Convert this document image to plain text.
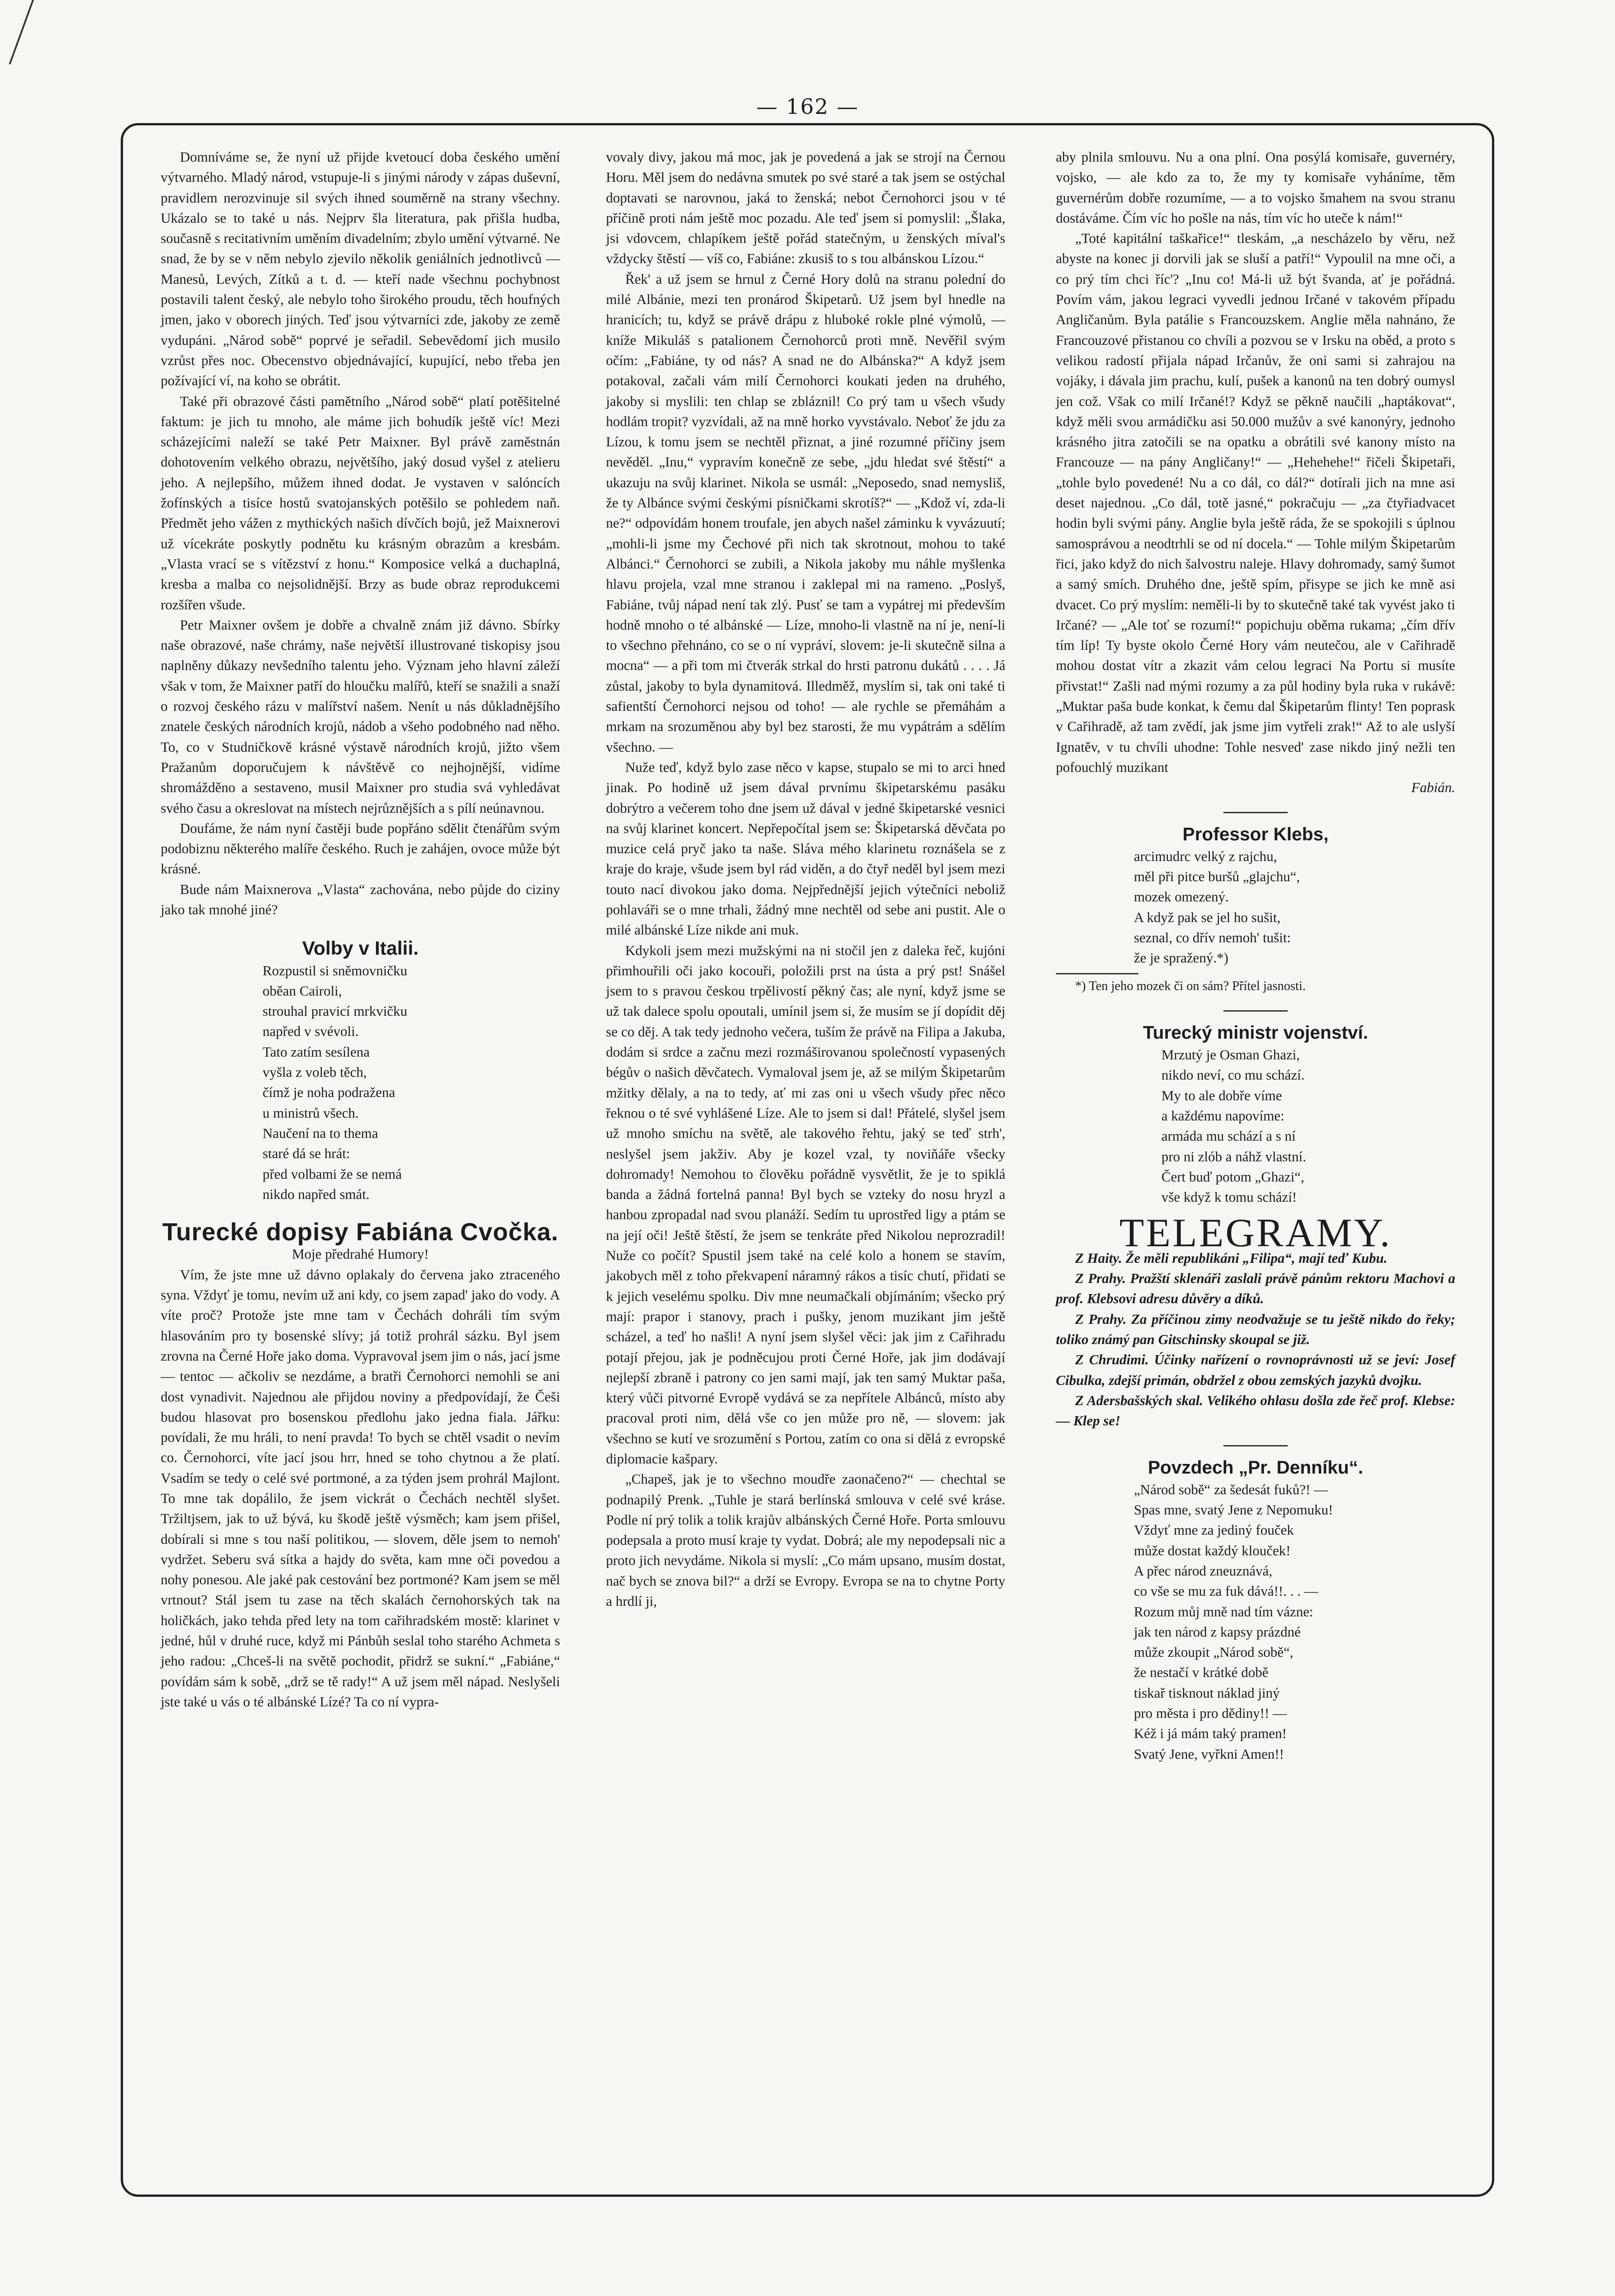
— 162 —

Domníváme se, že nyní už přijde kvetoucí doba českého umění výtvarného. Mladý národ, vstupuje-li s jinými národy v zápas duševní, pravidlem nerozvinuje sil svých ihned souměrně na strany všechny. Ukázalo se to také u nás. Nejprv šla literatura, pak přišla hudba, současně s recitativním uměním divadelním; zbylo umění výtvarné. Ne snad, že by se v něm nebylo zjevilo několik geniálních jednotlivců — Manesů, Levých, Zítků a t. d. — kteří nade všechnu pochybnost postavili talent český, ale nebylo toho širokého proudu, těch houfných jmen, jako v oborech jiných. Teď jsou výtvarníci zde, jakoby ze země vydupáni. „Národ sobě“ poprvé je seřadil. Sebevědomí jich musilo vzrůst přes noc. Obecenstvo objednávající, kupující, nebo třeba jen požívající ví, na koho se obrátit.

Také při obrazové části pamětního „Národ sobě“ platí potěšitelné faktum: je jich tu mnoho, ale máme jich bohudík ještě víc! Mezi scházejícími naleží se také Petr Maixner. Byl právě zaměstnán dohotovením velkého obrazu, největšího, jaký dosud vyšel z atelieru jeho. A nejlepšího, můžem ihned dodat. Je vystaven v salóncích žofínských a tisíce hostů svatojanských potěšilo se pohledem naň. Předmět jeho vážen z mythických našich dívčích bojů, jež Maixnerovi už vícekráte poskytly podnětu ku krásným obrazům a kresbám. „Vlasta vrací se s vítězství z honu.“ Komposice velká a duchaplná, kresba a malba co nejsolidnější. Brzy as bude obraz reprodukcemi rozšířen všude.

Petr Maixner ovšem je dobře a chvalně znám již dávno. Sbírky naše obrazové, naše chrámy, naše největší illustrované tiskopisy jsou naplněny důkazy nevšedního talentu jeho. Význam jeho hlavní záleží však v tom, že Maixner patří do hloučku malířů, kteří se snažili a snaží o rozvoj českého rázu v malířství našem. Nenít u nás důkladnějšího znatele českých národních krojů, nádob a všeho podobného nad něho. To, co v Studničkově krásné výstavě národních krojů, jižto všem Pražanům doporučujem k návštěvě co nejhojnější, vidíme shromážděno a sestaveno, musil Maixner pro studia svá vyhledávat svého času a okreslovat na místech nejrůznějších a s pílí neúnavnou.

Doufáme, že nám nyní častěji bude popřáno sdělit čtenářům svým podobiznu některého malíře českého. Ruch je zahájen, ovoce může být krásné.

Bude nám Maixnerova „Vlasta“ zachována, nebo půjde do ciziny jako tak mnohé jiné?

Volby v Italii.

Rozpustil si sněmovničku

oběan Cairoli,

strouhal pravicí mrkvičku

napřed v svévoli.

Tato zatím sesílena

vyšla z voleb těch,

čímž je noha podražena

u ministrů všech.

Naučení na to thema

staré dá se hrát:

před volbami že se nemá

nikdo napřed smát.

Turecké dopisy Fabiána Cvočka.

Moje předrahé Humory!

Vím, že jste mne už dávno oplakaly do červena jako ztraceného syna. Vždyť je tomu, nevím už ani kdy, co jsem zapad' jako do vody. A víte proč? Protože jste mne tam v Čechách dohráli tím svým hlasováním pro ty bosenské slívy; já totiž prohrál sázku. Byl jsem zrovna na Černé Hoře jako doma. Vypravoval jsem jim o nás, jací jsme — tentoc — ačkoliv se nezdáme, a bratři Černohorci nemohli se ani dost vynadivit. Najednou ale přijdou noviny a předpovídají, že Češi budou hlasovat pro bosenskou předlohu jako jedna fiala. Jářku: povídali, že mu hráli, to není pravda! To bych se chtěl vsadit o nevím co. Černohorci, víte jací jsou hrr, hned se toho chytnou a že platí. Vsadím se tedy o celé své portmoné, a za týden jsem prohrál Majlont. To mne tak dopálilo, že jsem vickrát o Čechách nechtěl slyšet. Tržiltjsem, jak to už bývá, ku škodě ještě výsměch; kam jsem přišel, dobírali si mne s tou naší politikou, — slovem, děle jsem to nemoh' vydržet. Seberu svá sítka a hajdy do světa, kam mne oči povedou a nohy ponesou. Ale jaké pak cestování bez portmoné? Kam jsem se měl vrtnout? Stál jsem tu zase na těch skalách černohorských tak na holičkách, jako tehda před lety na tom cařihradském mostě: klarinet v jedné, hůl v druhé ruce, když mi Pánbůh seslal toho starého Achmeta s jeho radou: „Chceš-li na světě pochodit, přidrž se sukní.“ „Fabiáne,“ povídám sám k sobě, „drž se tě rady!“ A už jsem měl nápad. Neslyšeli jste také u vás o té albánské Lízé? Ta co ní vypra-

vovaly divy, jakou má moc, jak je povedená a jak se strojí na Černou Horu. Měl jsem do nedávna smutek po své staré a tak jsem se ostýchal doptavati se narovnou, jaká to ženská; nebot Černohorci jsou v té příčině proti nám ještě moc pozadu. Ale teď jsem si pomyslil: „Šlaka, jsi vdovcem, chlapíkem ještě pořád statečným, u ženských míval's vždycky štěstí — víš co, Fabiáne: zkusiš to s tou albánskou Lízou.“

Řek' a už jsem se hrnul z Černé Hory dolů na stranu polední do milé Albánie, mezi ten pronárod Škipetarů. Už jsem byl hnedle na hranicích; tu, když se právě drápu z hluboké rokle plné výmolů, — kníže Mikuláš s patalionem Černohorců proti mně. Nevěřil svým očím: „Fabiáne, ty od nás? A snad ne do Albánska?“ A když jsem potakoval, začali vám milí Černohorci koukati jeden na druhého, jakoby si myslili: ten chlap se zbláznil! Co prý tam u všech všudy hodlám tropit? vyzvídali, až na mně horko vyvstávalo. Neboť že jdu za Lízou, k tomu jsem se nechtěl přiznat, a jiné rozumné příčiny jsem nevěděl. „Inu,“ vypravím konečně ze sebe, „jdu hledat své štěstí“ a ukazuju na svůj klarinet. Nikola se usmál: „Neposedo, snad nemysliš, že ty Albánce svými českými písničkami skrotíš?“ — „Kdož ví, zda-li ne?“ odpovídám honem troufale, jen abych našel záminku k vyvázuutí; „mohli-li jsme my Čechové při nich tak skrotnout, mohou to také Albánci.“ Černohorci se zubili, a Nikola jakoby mu náhle myšlenka hlavu projela, vzal mne stranou i zaklepal mi na rameno. „Poslyš, Fabiáne, tvůj nápad není tak zlý. Pusť se tam a vypátrej mi především hodně mnoho o té albánské — Líze, mnoho-li vlastně na ní je, není-li to všechno přehnáno, co se o ní vypráví, slovem: je-li skutečně silna a mocna“ — a při tom mi čtverák strkal do hrsti patronu dukátů . . . . Já zůstal, jakoby to byla dynamitová. Illedměž, myslím si, tak oni také ti safientští Černohorci nejsou od toho! — ale rychle se přemáhám a mrkam na srozuměnou aby byl bez starosti, že mu vypátrám a sdělím všechno. —

Nuže teď, když bylo zase něco v kapse, stupalo se mi to arci hned jinak. Po hodině už jsem dával prvnímu škipetarskému pasáku dobrýtro a večerem toho dne jsem už dával v jedné škipetarské vesnici na svůj klarinet koncert. Nepřepočítal jsem se: Škipetarská děvčata po muzice celá pryč jako ta naše. Sláva mého klarinetu roznášela se z kraje do kraje, všude jsem byl rád viděn, a do čtyř neděl byl jsem mezi touto nací divokou jako doma. Nejpřednější jejich výtečníci neboliž pohlaváři se o mne trhali, žádný mne nechtěl od sebe ani pustit. Ale o milé albánské Líze nikde ani muk.

Kdykoli jsem mezi mužskými na ni stočil jen z daleka řeč, kujóni přimhouřili oči jako kocouři, položili prst na ústa a prý pst! Snášel jsem to s pravou českou trpělivostí pěkný čas; ale nyní, když jsme se už tak dalece spolu opoutali, umínil jsem si, že musím se jí dopídit děj se co děj. A tak tedy jednoho večera, tuším že právě na Filipa a Jakuba, dodám si srdce a začnu mezi rozmáširovanou společností vypasených bégův o našich děvčatech. Vymaloval jsem je, až se milým Škipetarům mžitky dělaly, a na to tedy, ať mi zas oni u všech všudy přec něco řeknou o té své vyhlášené Líze. Ale to jsem si dal! Přátelé, slyšel jsem už mnoho smíchu na světě, ale takového řehtu, jaký se teď strh', neslyšel jsem jakživ. Aby je kozel vzal, ty noviňáře všecky dohromady! Nemohou to člověku pořádně vysvětlit, že je to spiklá banda a žádná fortelná panna! Byl bych se vztekу do nosu hryzl a hanbou zpropadal nad svou planáží. Sedím tu uprostřed ligy a ptám se na její oči! Ještě štěstí, že jsem se tenkráte před Nikolou neprozradil! Nuže co počít? Spustil jsem také na celé kolo a honem se stavím, jakobych měl z toho překvapení náramný rákos a tisíc chutí, přidati se k jejich veselému spolku. Div mne neumačkali objímáním; všecko prý mají: prapor i stanovy, prach i pušky, jenom muzikant jim ještě scházel, a teď ho našli! A nyní jsem slyšel věci: jak jim z Cařihradu potají přejou, jak je podněcujou proti Černé Hoře, jak jim dodávají nejlepší zbraně i patrony co jen sami mají, jak ten samý Muktar paša, který vůči pitvorné Evropě vydává se za nepřítele Albánců, místo aby pracoval proti nim, dělá vše co jen může pro ně, — slovem: jak všechno se kutí ve srozumění s Portou, zatím co ona si dělá z evropské diplomacie kašpary.

„Chapeš, jak je to všechno moudře zaonačeno?“ — chechtal se podnapilý Prenk. „Tuhle je stará berlínská smlouva v celé své kráse. Podle ní prý tolik a tolik krajův albánských Černé Hoře. Porta smlouvu podepsala a proto musí kraje ty vydat. Dobrá; ale my nepodepsali nic a proto jich nevydáme. Nikola si myslí: „Co mám upsano, musím dostat, nač bych se znova bil?“ a drží se Evropy. Evropa se na to chytne Porty a hrdlí ji,

aby plnila smlouvu. Nu a ona plní. Ona posýlá komisaře, guvernéry, vojsko, — ale kdo za to, že my ty komisaře vyháníme, těm guvernérům dobře rozumíme, — a to vojsko šmahem na svou stranu dostáváme. Čím víc ho pošle na nás, tím víc ho uteče k nám!“

„Toté kapitální taškařice!“ tleskám, „a nescházelo by věru, než abyste na konec ji dorvili jak se sluší a patří!“ Vypoulil na mne oči, a co prý tím chci říc'? „Inu co! Má-li už být švanda, ať je pořádná. Povím vám, jakou legraci vyvedli jednou Irčané v takovém případu Angličanům. Byla patálie s Francouzskem. Anglie měla nahnáno, že Francouzové přistanou co chvíli a pozvou se v Irsku na oběd, a proto s velikou radostí přijala nápad Irčanův, že oni sami si zahrajou na vojáky, i dávala jim prachu, kulí, pušek a kanonů na ten dobrý oumysl jen což. Však co milí Irčané!? Když se pěkně naučili „haptákovat“, když měli svou armádičku asi 50.000 mužův a své kanonýry, jednoho krásného jitra zatočili se na opatku a obrátili své kanony místo na Francouze — na pány Angličany!“ — „Hehehehe!“ řičeli Škipetaři, „tohle bylo povedené! Nu a co dál, co dál?“ dotírali jich na mne asi deset najednou. „Co dál, totě jasné,“ pokračuju — „za čtyřiadvacet hodin byli svými pány. Anglie byla ještě ráda, že se spokojili s úplnou samosprávou a neodtrhli se od ní docela.“ — Tohle milým Škipetarům řici, jako když do nich šalvostru naleje. Hlavy dohromady, samý šumot a samý smích. Druhého dne, ještě spím, přisype se jich ke mně asi dvacet. Co prý myslím: neměli-li by to skutečně také tak vyvést jako ti Irčané? — „Ale toť se rozumí!“ popichuju oběma rukama; „čím dřív tím líp! Ty byste okolo Černé Hory vám neutečou, ale v Cařihradě mohou dostat vítr a zkazit vám celou legraci Na Portu si musíte přivstat!“ Zašli nad mými rozumy a za půl hodiny byla ruka v rukávě: „Muktar paša bude konkat, k čemu dal Škipetarům flinty! Ten poprask v Cařihradě, až tam zvědí, jak jsme jim vytřeli zrak!“ Až to ale uslyší Ignatěv, v tu chvíli uhodne: Tohle nesved' zase nikdo jiný nežli ten pofouchlý muzikant

Fabián.

Professor Klebs,

arcimudrc velký z rajchu,

měl při pitce buršů „glajchu“,

mozek omezený.

A když pak se jel ho sušit,

seznal, co dřív nemoh' tušit:

že je spražený.*)

*) Ten jeho mozek či on sám? Přítel jasnosti.

Turecký ministr vojenství.

Mrzutý je Osman Ghazi,

nikdo neví, co mu schází.

My to ale dobře víme

a každému napovíme:

armáda mu schází a s ní

pro ni zlób a náhž vlastní.

Čert buď potom „Ghazi“,

vše když k tomu schází!

TELEGRAMY.

Z Haity. Že měli republikáni „Filipa“, mají teď Kubu.

Z Prahy. Pražští sklenáři zaslali právě pánům rektoru Machovi a prof. Klebsovi adresu důvěry a díků.

Z Prahy. Za příčinou zimy neodvažuje se tu ještě nikdo do řeky; toliko známý pan Gitschinsky skoupal se již.

Z Chrudimi. Účinky nařízení o rovnoprávnosti už se jeví: Josef Cibulka, zdejší primán, obdržel z obou zemských jazyků dvojku.

Z Adersbašských skal. Velikého ohlasu došla zde řeč prof. Klebse: — Klep se!

Povzdech „Pr. Denníku“.

„Národ sobě“ za šedesát fuků?! —

Spas mne, svatý Jene z Nepomuku!

Vždyť mne za jediný fouček

může dostat každý klouček!

A přec národ zneuznává,

co vše se mu za fuk dává!!. . . —

Rozum můj mně nad tím vázne:

jak ten národ z kapsy prázdné

může zkoupit „Národ sobě“,

že nestačí v krátké době

tiskař tisknout náklad jiný

pro města i pro dědiny!! —

Kéž i já mám taký pramen!

Svatý Jene, vyřkni Amen!!
